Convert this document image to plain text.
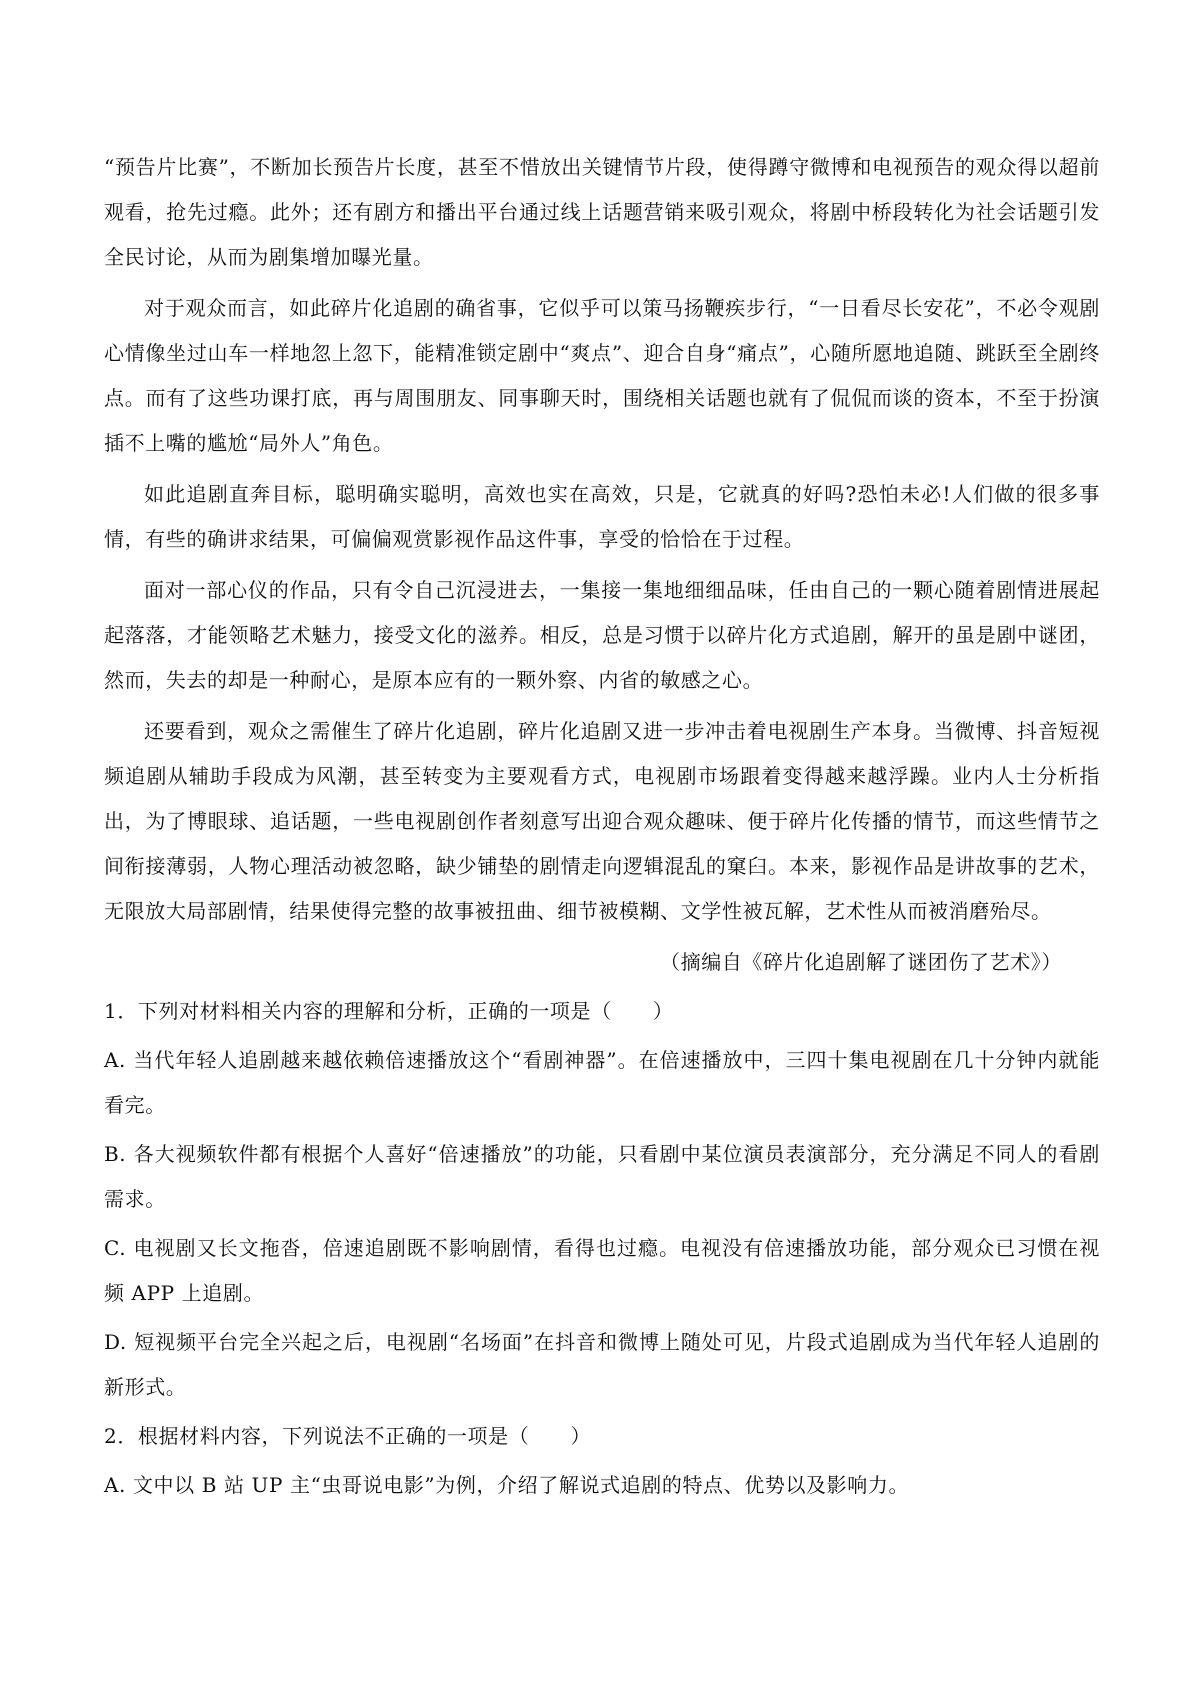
“预告片比赛”，不断加长预告片长度，甚至不惜放出关键情节片段，使得蹲守微博和电视预告的观众得以超前观看，抢先过瘾。此外；还有剧方和播出平台通过线上话题营销来吸引观众，将剧中桥段转化为社会话题引发全民讨论，从而为剧集增加曝光量。

对于观众而言，如此碎片化追剧的确省事，它似乎可以策马扬鞭疾步行，“一日看尽长安花”，不必令观剧心情像坐过山车一样地忽上忽下，能精准锁定剧中“爽点”、迎合自身“痛点”，心随所愿地追随、跳跃至全剧终点。而有了这些功课打底，再与周围朋友、同事聊天时，围绕相关话题也就有了侃侃而谈的资本，不至于扮演插不上嘴的尴尬“局外人”角色。

如此追剧直奔目标，聪明确实聪明，高效也实在高效，只是，它就真的好吗?恐怕未必!人们做的很多事情，有些的确讲求结果，可偏偏观赏影视作品这件事，享受的恰恰在于过程。

面对一部心仪的作品，只有令自己沉浸进去，一集接一集地细细品味，任由自己的一颗心随着剧情进展起起落落，才能领略艺术魅力，接受文化的滋养。相反，总是习惯于以碎片化方式追剧，解开的虽是剧中谜团，然而，失去的却是一种耐心，是原本应有的一颗外察、内省的敏感之心。

还要看到，观众之需催生了碎片化追剧，碎片化追剧又进一步冲击着电视剧生产本身。当微博、抖音短视频追剧从辅助手段成为风潮，甚至转变为主要观看方式，电视剧市场跟着变得越来越浮躁。业内人士分析指出，为了博眼球、追话题，一些电视剧创作者刻意写出迎合观众趣味、便于碎片化传播的情节，而这些情节之间衔接薄弱，人物心理活动被忽略，缺少铺垫的剧情走向逻辑混乱的窠臼。本来，影视作品是讲故事的艺术，无限放大局部剧情，结果使得完整的故事被扭曲、细节被模糊、文学性被瓦解，艺术性从而被消磨殆尽。

（摘编自《碎片化追剧解了谜团伤了艺术》）

1．下列对材料相关内容的理解和分析，正确的一项是（　　）

A. 当代年轻人追剧越来越依赖倍速播放这个“看剧神器”。在倍速播放中，三四十集电视剧在几十分钟内就能看完。

B. 各大视频软件都有根据个人喜好“倍速播放”的功能，只看剧中某位演员表演部分，充分满足不同人的看剧需求。

C. 电视剧又长文拖沓，倍速追剧既不影响剧情，看得也过瘾。电视没有倍速播放功能，部分观众已习惯在视频 APP 上追剧。

D. 短视频平台完全兴起之后，电视剧“名场面”在抖音和微博上随处可见，片段式追剧成为当代年轻人追剧的新形式。

2．根据材料内容，下列说法不正确的一项是（　　）

A. 文中以 B 站 UP 主“虫哥说电影”为例，介绍了解说式追剧的特点、优势以及影响力。
